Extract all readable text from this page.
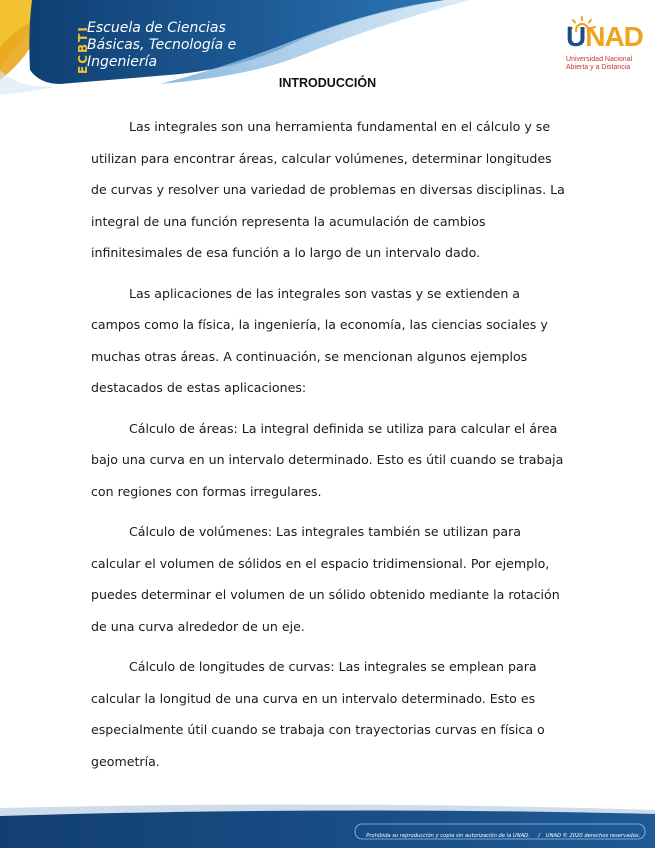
ECBTI
Escuela de Ciencias
Básicas, Tecnología e
Ingeniería
UNAD
Universidad Nacional
Abierta y a Distancia
INTRODUCCIÓN

Las integrales son una herramienta fundamental en el cálculo y se utilizan para encontrar áreas, calcular volúmenes, determinar longitudes de curvas y resolver una variedad de problemas en diversas disciplinas. La integral de una función representa la acumulación de cambios infinitesimales de esa función a lo largo de un intervalo dado.

Las aplicaciones de las integrales son vastas y se extienden a campos como la física, la ingeniería, la economía, las ciencias sociales y muchas otras áreas. A continuación, se mencionan algunos ejemplos destacados de estas aplicaciones:

Cálculo de áreas: La integral definida se utiliza para calcular el área bajo una curva en un intervalo determinado. Esto es útil cuando se trabaja con regiones con formas irregulares.

Cálculo de volúmenes: Las integrales también se utilizan para calcular el volumen de sólidos en el espacio tridimensional. Por ejemplo, puedes determinar el volumen de un sólido obtenido mediante la rotación de una curva alrededor de un eje.

Cálculo de longitudes de curvas: Las integrales se emplean para calcular la longitud de una curva en un intervalo determinado. Esto es especialmente útil cuando se trabaja con trayectorias curvas en física o geometría.

Prohibida su reproducción y copia sin autorización de la UNAD.	/	UNAD © 2020 derechos reservados.
